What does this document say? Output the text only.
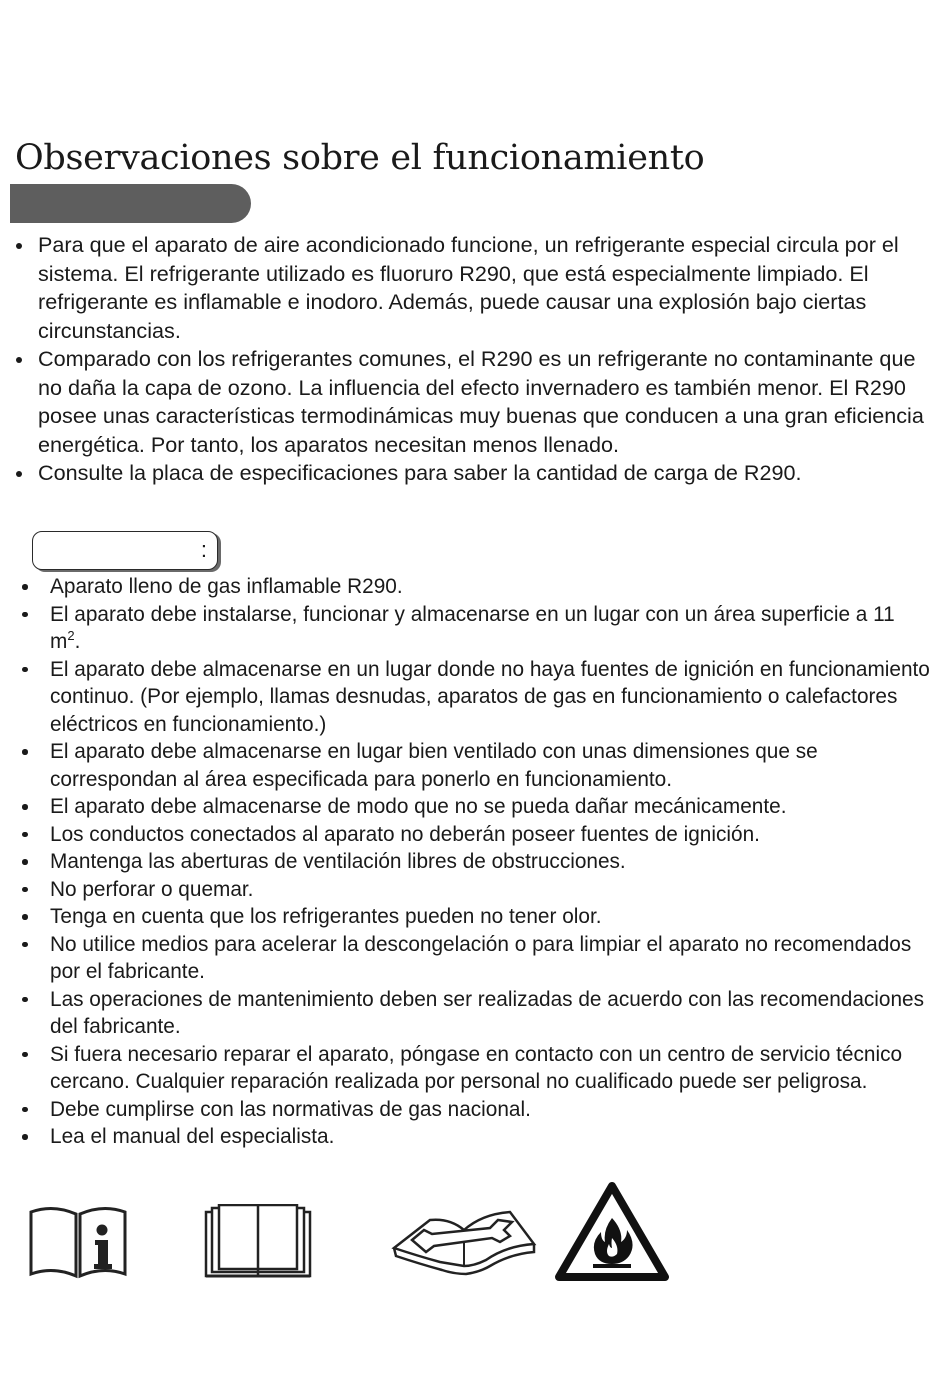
Observaciones sobre el funcionamiento
Para que el aparato de aire acondicionado funcione, un refrigerante especial circula por el sistema. El refrigerante utilizado es fluoruro R290, que está especialmente limpiado. El refrigerante es inflamable e inodoro. Además, puede causar una explosión bajo ciertas circunstancias.
Comparado con los refrigerantes comunes, el R290 es un refrigerante no contaminante que no daña la capa de ozono. La influencia del efecto invernadero es también menor. El R290 posee unas características termodinámicas muy buenas que conducen a una gran eficiencia energética. Por tanto, los aparatos necesitan menos llenado.
Consulte la placa de especificaciones para saber la cantidad de carga de R290.
:
Aparato lleno de gas inflamable R290.
El aparato debe instalarse, funcionar y almacenarse en un lugar con un área superficie a 11 $m^2$.
El aparato debe almacenarse en un lugar donde no haya fuentes de ignición en funcionamiento continuo. (Por ejemplo, llamas desnudas, aparatos de gas en funcionamiento o calefactores eléctricos en funcionamiento.)
El aparato debe almacenarse en lugar bien ventilado con unas dimensiones que se correspondan al área especificada para ponerlo en funcionamiento.
El aparato debe almacenarse de modo que no se pueda dañar mecánicamente.
Los conductos conectados al aparato no deberán poseer fuentes de ignición.
Mantenga las aberturas de ventilación libres de obstrucciones.
No perforar o quemar.
Tenga en cuenta que los refrigerantes pueden no tener olor.
No utilice medios para acelerar la descongelación o para limpiar el aparato no recomendados por el fabricante.
Las operaciones de mantenimiento deben ser realizadas de acuerdo con las recomendaciones del fabricante.
Si fuera necesario reparar el aparato, póngase en contacto con un centro de servicio técnico cercano. Cualquier reparación realizada por personal no cualificado puede ser peligrosa.
Debe cumplirse con las normativas de gas nacional.
Lea el manual del especialista.
